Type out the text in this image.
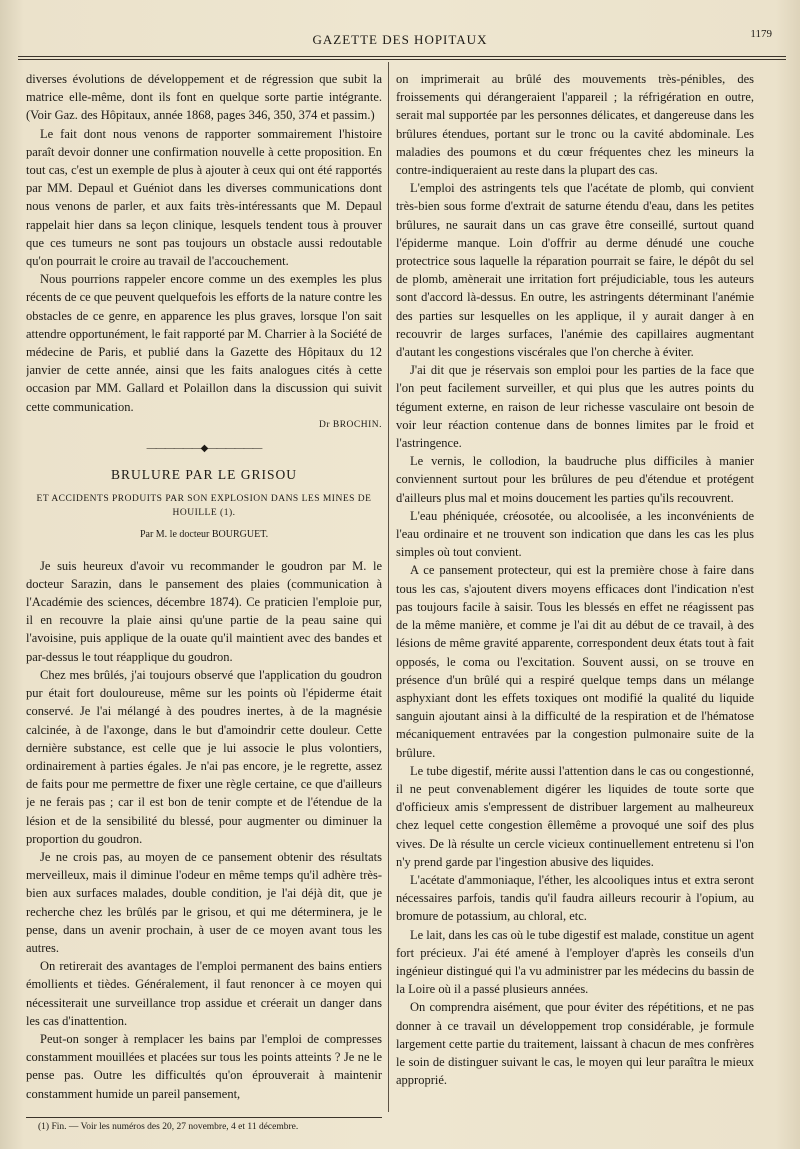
GAZETTE DES HOPITAUX	1179

diverses évolutions de développement et de régression que subit la matrice elle-même, dont ils font en quelque sorte partie intégrante. (Voir Gaz. des Hôpitaux, année 1868, pages 346, 350, 374 et passim.)

Le fait dont nous venons de rapporter sommairement l'histoire paraît devoir donner une confirmation nouvelle à cette proposition. En tout cas, c'est un exemple de plus à ajouter à ceux qui ont été rapportés par MM. Depaul et Guéniot dans les diverses communications dont nous venons de parler, et aux faits très-intéressants que M. Depaul rappelait hier dans sa leçon clinique, lesquels tendent tous à prouver que ces tumeurs ne sont pas toujours un obstacle aussi redoutable qu'on pourrait le croire au travail de l'accouchement.

Nous pourrions rappeler encore comme un des exemples les plus récents de ce que peuvent quelquefois les efforts de la nature contre les obstacles de ce genre, en apparence les plus graves, lorsque l'on sait attendre opportunément, le fait rapporté par M. Charrier à la Société de médecine de Paris, et publié dans la Gazette des Hôpitaux du 12 janvier de cette année, ainsi que les faits analogues cités à cette occasion par MM. Gallard et Polaillon dans la discussion qui suivit cette communication.

Dr BROCHIN.
——————◆——————
BRULURE PAR LE GRISOU
ET ACCIDENTS PRODUITS PAR SON EXPLOSION DANS LES MINES DE HOUILLE (1).
Par M. le docteur BOURGUET.

Je suis heureux d'avoir vu recommander le goudron par M. le docteur Sarazin, dans le pansement des plaies (communication à l'Académie des sciences, décembre 1874). Ce praticien l'emploie pur, il en recouvre la plaie ainsi qu'une partie de la peau saine qui l'avoisine, puis applique de la ouate qu'il maintient avec des bandes et par-dessus le tout réapplique du goudron.

Chez mes brûlés, j'ai toujours observé que l'application du goudron pur était fort douloureuse, même sur les points où l'épiderme était conservé. Je l'ai mélangé à des poudres inertes, à de la magnésie calcinée, à de l'axonge, dans le but d'amoindrir cette douleur. Cette dernière substance, est celle que je lui associe le plus volontiers, ordinairement à parties égales. Je n'ai pas encore, je le regrette, assez de faits pour me permettre de fixer une règle certaine, ce que d'ailleurs je ne ferais pas ; car il est bon de tenir compte et de l'étendue de la lésion et de la sensibilité du blessé, pour augmenter ou diminuer la proportion du goudron.

Je ne crois pas, au moyen de ce pansement obtenir des résultats merveilleux, mais il diminue l'odeur en même temps qu'il adhère très-bien aux surfaces malades, double condition, je l'ai déjà dit, que je recherche chez les brûlés par le grisou, et qui me déterminera, je le pense, dans un avenir prochain, à user de ce moyen avant tous les autres.

On retirerait des avantages de l'emploi permanent des bains entiers émollients et tièdes. Généralement, il faut renoncer à ce moyen qui nécessiterait une surveillance trop assidue et créerait un danger dans les cas d'inattention.

Peut-on songer à remplacer les bains par l'emploi de compresses constamment mouillées et placées sur tous les points atteints ? Je ne le pense pas. Outre les difficultés qu'on éprouverait à maintenir constamment humide un pareil pansement,

on imprimerait au brûlé des mouvements très-pénibles, des froissements qui dérangeraient l'appareil ; la réfrigération en outre, serait mal supportée par les personnes délicates, et dangereuse dans les brûlures étendues, portant sur le tronc ou la cavité abdominale. Les maladies des poumons et du cœur fréquentes chez les mineurs la contre-indiqueraient au reste dans la plupart des cas.

L'emploi des astringents tels que l'acétate de plomb, qui convient très-bien sous forme d'extrait de saturne étendu d'eau, dans les petites brûlures, ne saurait dans un cas grave être conseillé, surtout quand l'épiderme manque. Loin d'offrir au derme dénudé une couche protectrice sous laquelle la réparation pourrait se faire, le dépôt du sel de plomb, amènerait une irritation fort préjudiciable, tous les auteurs sont d'accord là-dessus. En outre, les astringents déterminant l'anémie des parties sur lesquelles on les applique, il y aurait danger à en recouvrir de larges surfaces, l'anémie des capillaires augmentant d'autant les congestions viscérales que l'on cherche à éviter.

J'ai dit que je réservais son emploi pour les parties de la face que l'on peut facilement surveiller, et qui plus que les autres points du tégument externe, en raison de leur richesse vasculaire ont besoin de voir leur réaction contenue dans de bonnes limites par le froid et l'astringence.

Le vernis, le collodion, la baudruche plus difficiles à manier conviennent surtout pour les brûlures de peu d'étendue et protégent d'ailleurs plus mal et moins doucement les parties qu'ils recouvrent.

L'eau phéniquée, créosotée, ou alcoolisée, a les inconvénients de l'eau ordinaire et ne trouvent son indication que dans les cas les plus simples où tout convient.

A ce pansement protecteur, qui est la première chose à faire dans tous les cas, s'ajoutent divers moyens efficaces dont l'indication n'est pas toujours facile à saisir. Tous les blessés en effet ne réagissent pas de la même manière, et comme je l'ai dit au début de ce travail, à des lésions de même gravité apparente, correspondent deux états tout à fait opposés, le coma ou l'excitation. Souvent aussi, on se trouve en présence d'un brûlé qui a respiré quelque temps dans un mélange asphyxiant dont les effets toxiques ont modifié la qualité du liquide sanguin ajoutant ainsi à la difficulté de la respiration et de l'hématose mécaniquement entravées par la congestion pulmonaire suite de la brûlure.

Le tube digestif, mérite aussi l'attention dans le cas ou congestionné, il ne peut convenablement digérer les liquides de toute sorte que d'officieux amis s'empressent de distribuer largement au malheureux chez lequel cette congestion êllemême a provoqué une soif des plus vives. De là résulte un cercle vicieux continuellement entretenu si l'on n'y prend garde par l'ingestion abusive des liquides.

L'acétate d'ammoniaque, l'éther, les alcooliques intus et extra seront nécessaires parfois, tandis qu'il faudra ailleurs recourir à l'opium, au bromure de potassium, au chloral, etc.

Le lait, dans les cas où le tube digestif est malade, constitue un agent fort précieux. J'ai été amené à l'employer d'après les conseils d'un ingénieur distingué qui l'a vu administrer par les médecins du bassin de la Loire où il a passé plusieurs années.

On comprendra aisément, que pour éviter des répétitions, et ne pas donner à ce travail un développement trop considérable, je formule largement cette partie du traitement, laissant à chacun de mes confrères le soin de distinguer suivant le cas, le moyen qui leur paraîtra le mieux approprié.

(1) Fin. — Voir les numéros des 20, 27 novembre, 4 et 11 décembre.
